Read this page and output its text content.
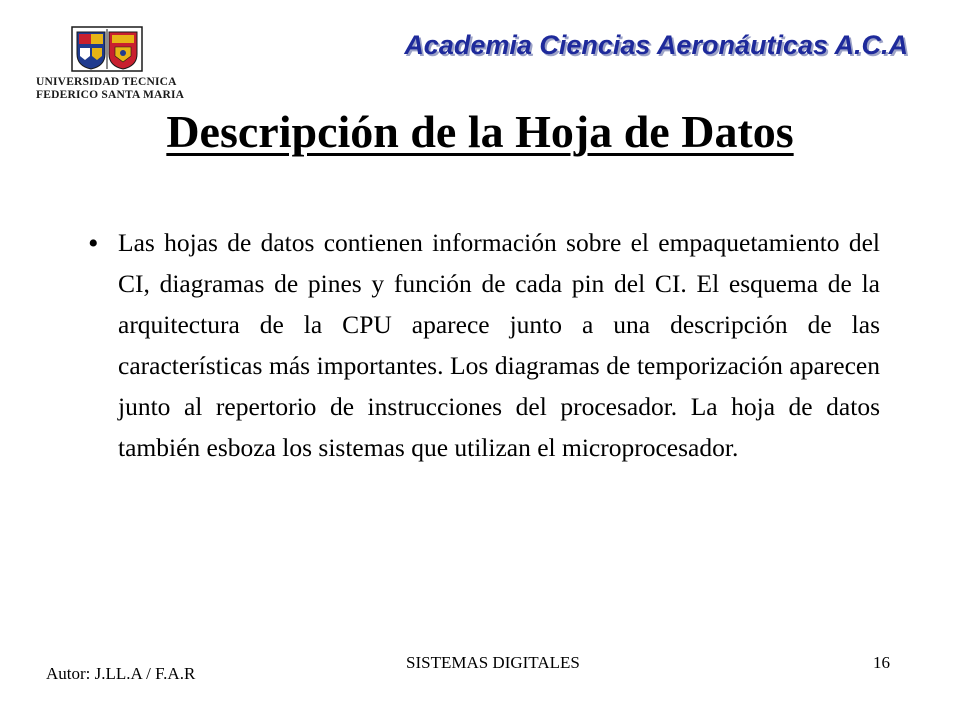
UNIVERSIDAD TECNICA
FEDERICO SANTA MARIA
Academia Ciencias Aeronáuticas A.C.A
Descripción de la Hoja de Datos
• Las hojas de datos contienen información sobre el empaquetamiento del CI, diagramas de pines y función de cada pin del CI. El esquema de la arquitectura de la CPU aparece junto a una descripción de las características más importantes. Los diagramas de temporización aparecen junto al repertorio de instrucciones del procesador. La hoja de datos también esboza los sistemas que utilizan el microprocesador.
Autor: J.LL.A / F.A.R
SISTEMAS DIGITALES	16
